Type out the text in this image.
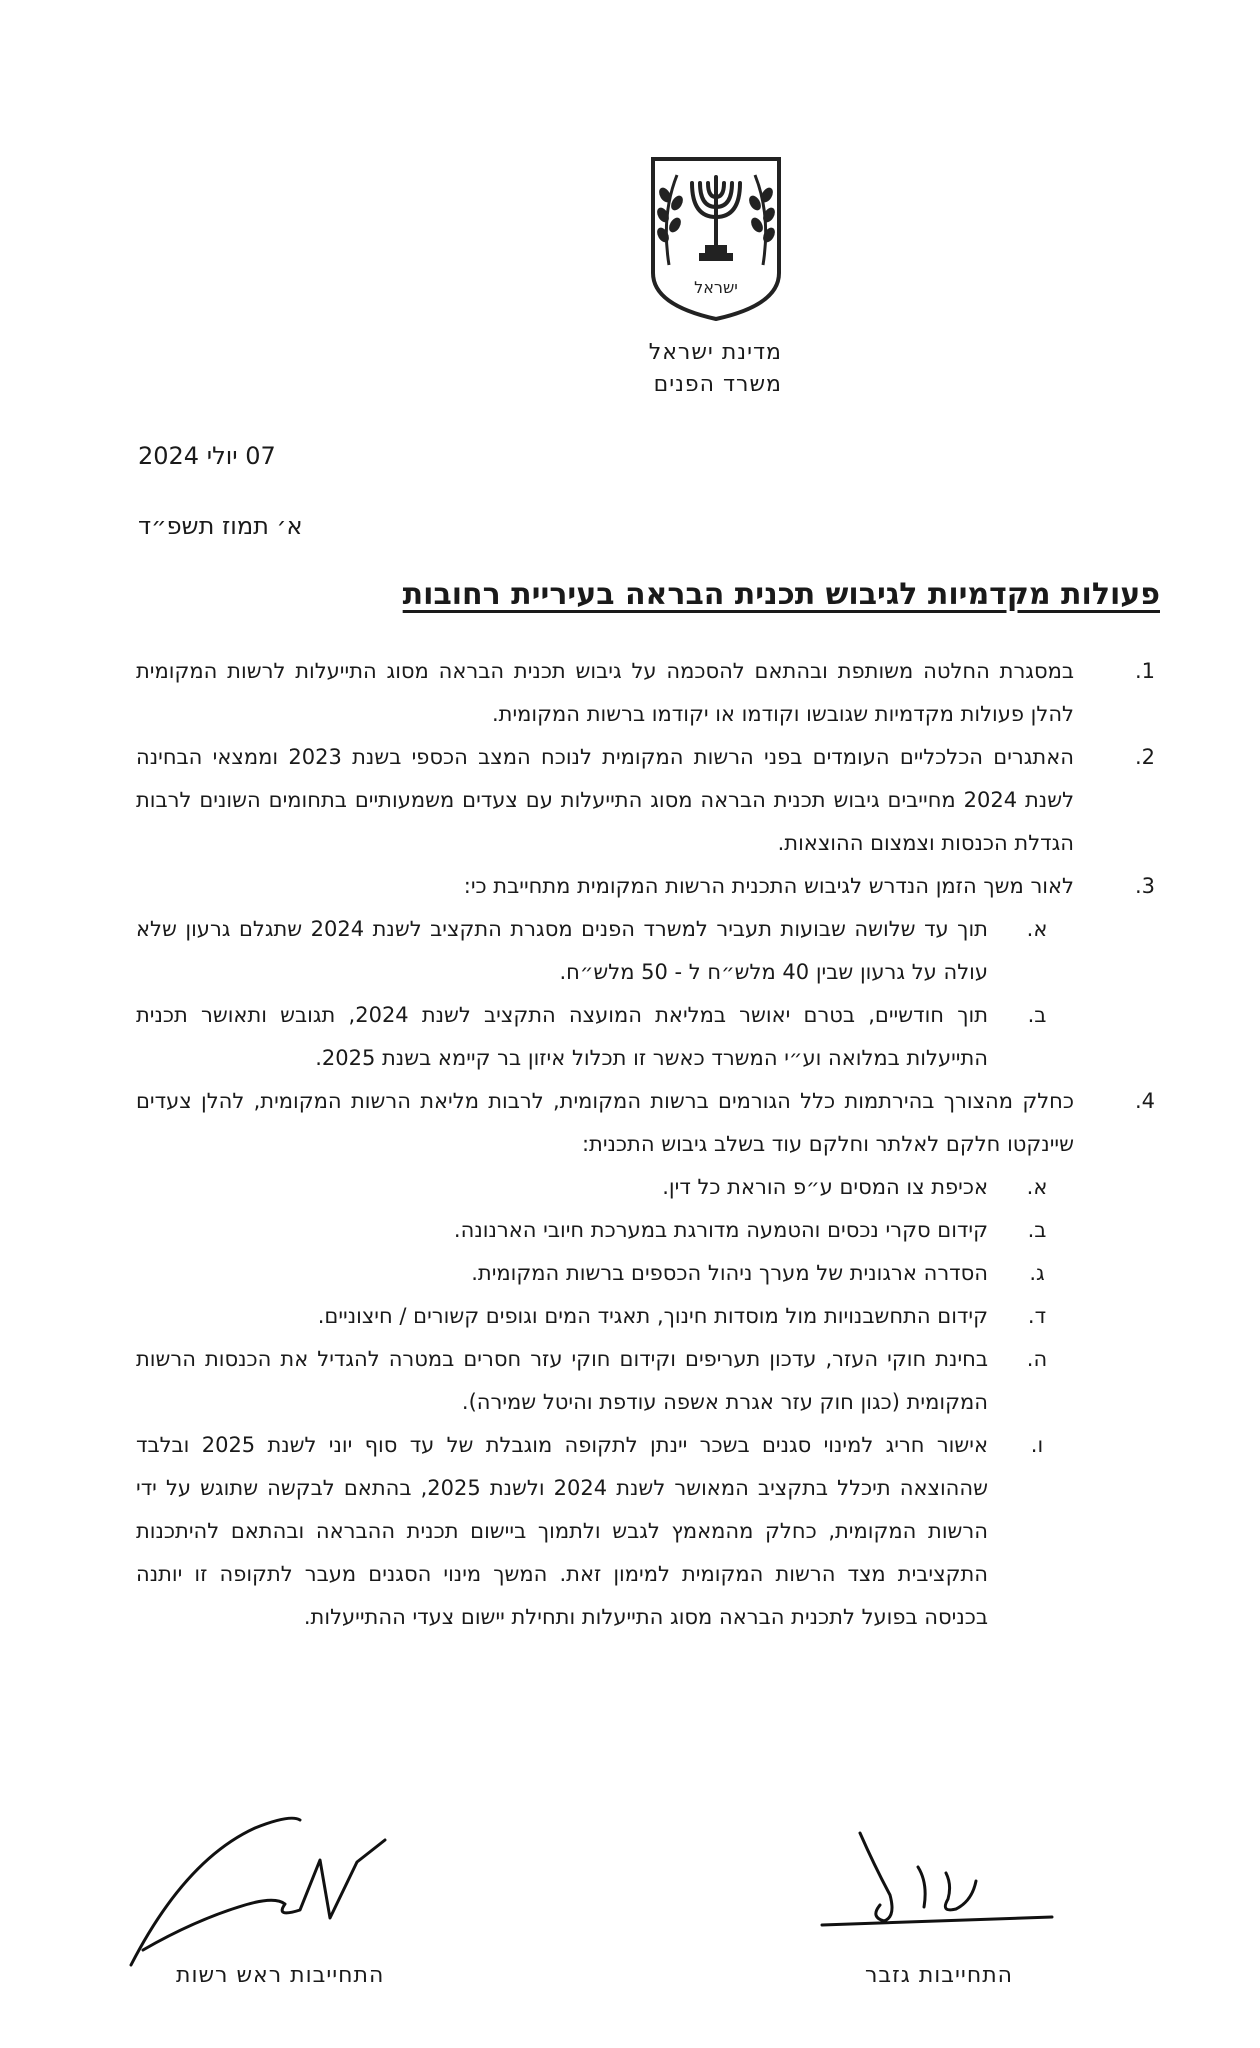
ישראל
מדינת ישראל
משרד הפנים
07 יולי 2024
א׳ תמוז תשפ״ד
פעולות מקדמיות לגיבוש תכנית הבראה בעיריית רחובות
1.
במסגרת החלטה משותפת ובהתאם להסכמה על גיבוש תכנית הבראה מסוג התייעלות לרשות המקומית להלן פעולות מקדמיות שגובשו וקודמו או יקודמו ברשות המקומית.
2.
האתגרים הכלכליים העומדים בפני הרשות המקומית לנוכח המצב הכספי בשנת 2023 וממצאי הבחינה לשנת 2024 מחייבים גיבוש תכנית הבראה מסוג התייעלות עם צעדים משמעותיים בתחומים השונים לרבות הגדלת הכנסות וצמצום ההוצאות.
3.
לאור משך הזמן הנדרש לגיבוש התכנית הרשות המקומית מתחייבת כי:
א.
תוך עד שלושה שבועות תעביר למשרד הפנים מסגרת התקציב לשנת 2024 שתגלם גרעון שלא עולה על גרעון שבין 40 מלש״ח ל - 50 מלש״ח.
ב.
תוך חודשיים, בטרם יאושר במליאת המועצה התקציב לשנת 2024, תגובש ותאושר תכנית התייעלות במלואה וע״י המשרד כאשר זו תכלול איזון בר קיימא בשנת 2025.
4.
כחלק מהצורך בהירתמות כלל הגורמים ברשות המקומית, לרבות מליאת הרשות המקומית, להלן צעדים שיינקטו חלקם לאלתר וחלקם עוד בשלב גיבוש התכנית:
א.
אכיפת צו המסים ע״פ הוראת כל דין.
ב.
קידום סקרי נכסים והטמעה מדורגת במערכת חיובי הארנונה.
ג.
הסדרה ארגונית של מערך ניהול הכספים ברשות המקומית.
ד.
קידום התחשבנויות מול מוסדות חינוך, תאגיד המים וגופים קשורים / חיצוניים.
ה.
בחינת חוקי העזר, עדכון תעריפים וקידום חוקי עזר חסרים במטרה להגדיל את הכנסות הרשות המקומית (כגון חוק עזר אגרת אשפה עודפת והיטל שמירה).
ו.
אישור חריג למינוי סגנים בשכר יינתן לתקופה מוגבלת של עד סוף יוני לשנת 2025 ובלבד שההוצאה תיכלל בתקציב המאושר לשנת 2024 ולשנת 2025, בהתאם לבקשה שתוגש על ידי הרשות המקומית, כחלק מהמאמץ לגבש ולתמוך ביישום תכנית ההבראה ובהתאם להיתכנות התקציבית מצד הרשות המקומית למימון זאת. המשך מינוי הסגנים מעבר לתקופה זו יותנה בכניסה בפועל לתכנית הבראה מסוג התייעלות ותחילת יישום צעדי ההתייעלות.
התחייבות ראש רשות	התחייבות גזבר
